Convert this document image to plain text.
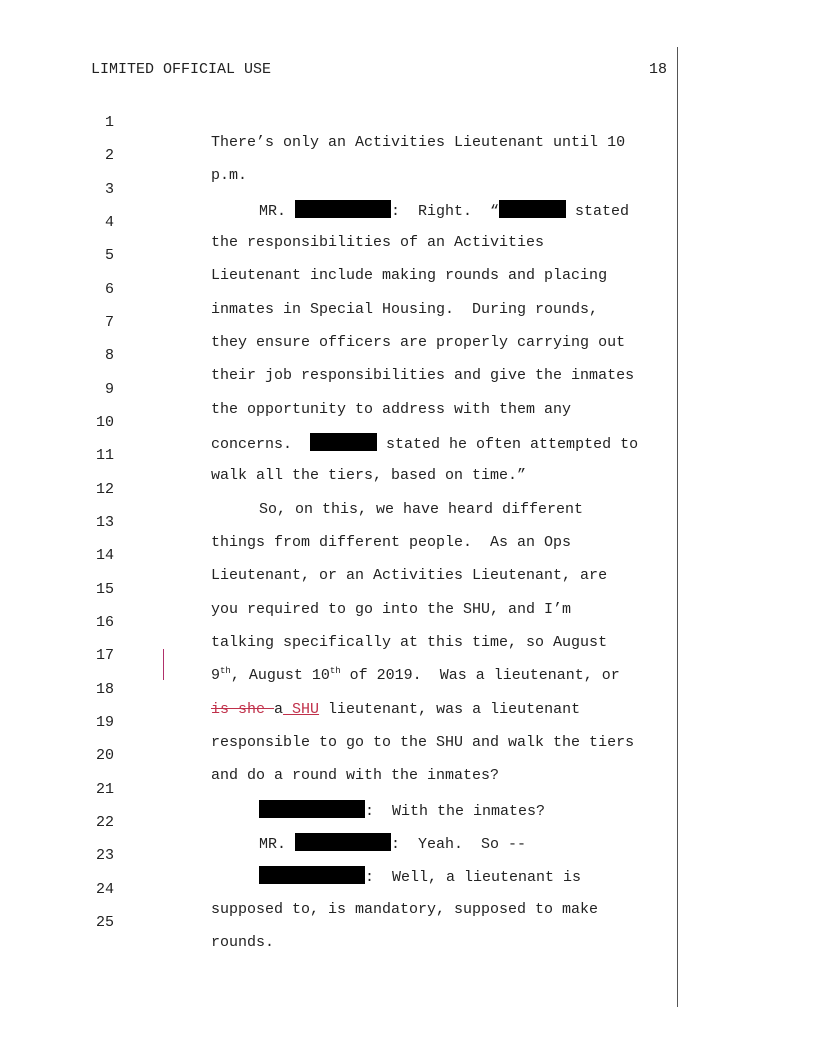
LIMITED OFFICIAL USE	18

1

There’s only an Activities Lieutenant until 10

2

p.m.

3

MR.	:  Right.  “	stated

4

the responsibilities of an Activities

5

Lieutenant include making rounds and placing

6

inmates in Special Housing.  During rounds,

7

they ensure officers are properly carrying out

8

their job responsibilities and give the inmates

9

the opportunity to address with them any

10

concerns.	stated he often attempted to

11

walk all the tiers, based on time.”

12

So, on this, we have heard different

13

things from different people.  As an Ops

14

Lieutenant, or an Activities Lieutenant, are

15

you required to go into the SHU, and I’m

16

talking specifically at this time, so August

17

9th, August 10th of 2019.  Was a lieutenant, or

18

is she a SHU lieutenant, was a lieutenant

19

responsible to go to the SHU and walk the tiers

20

and do a round with the inmates?

21

:  With the inmates?

22

MR.	:  Yeah.  So --

23

:  Well, a lieutenant is

24

supposed to, is mandatory, supposed to make

25

rounds.
